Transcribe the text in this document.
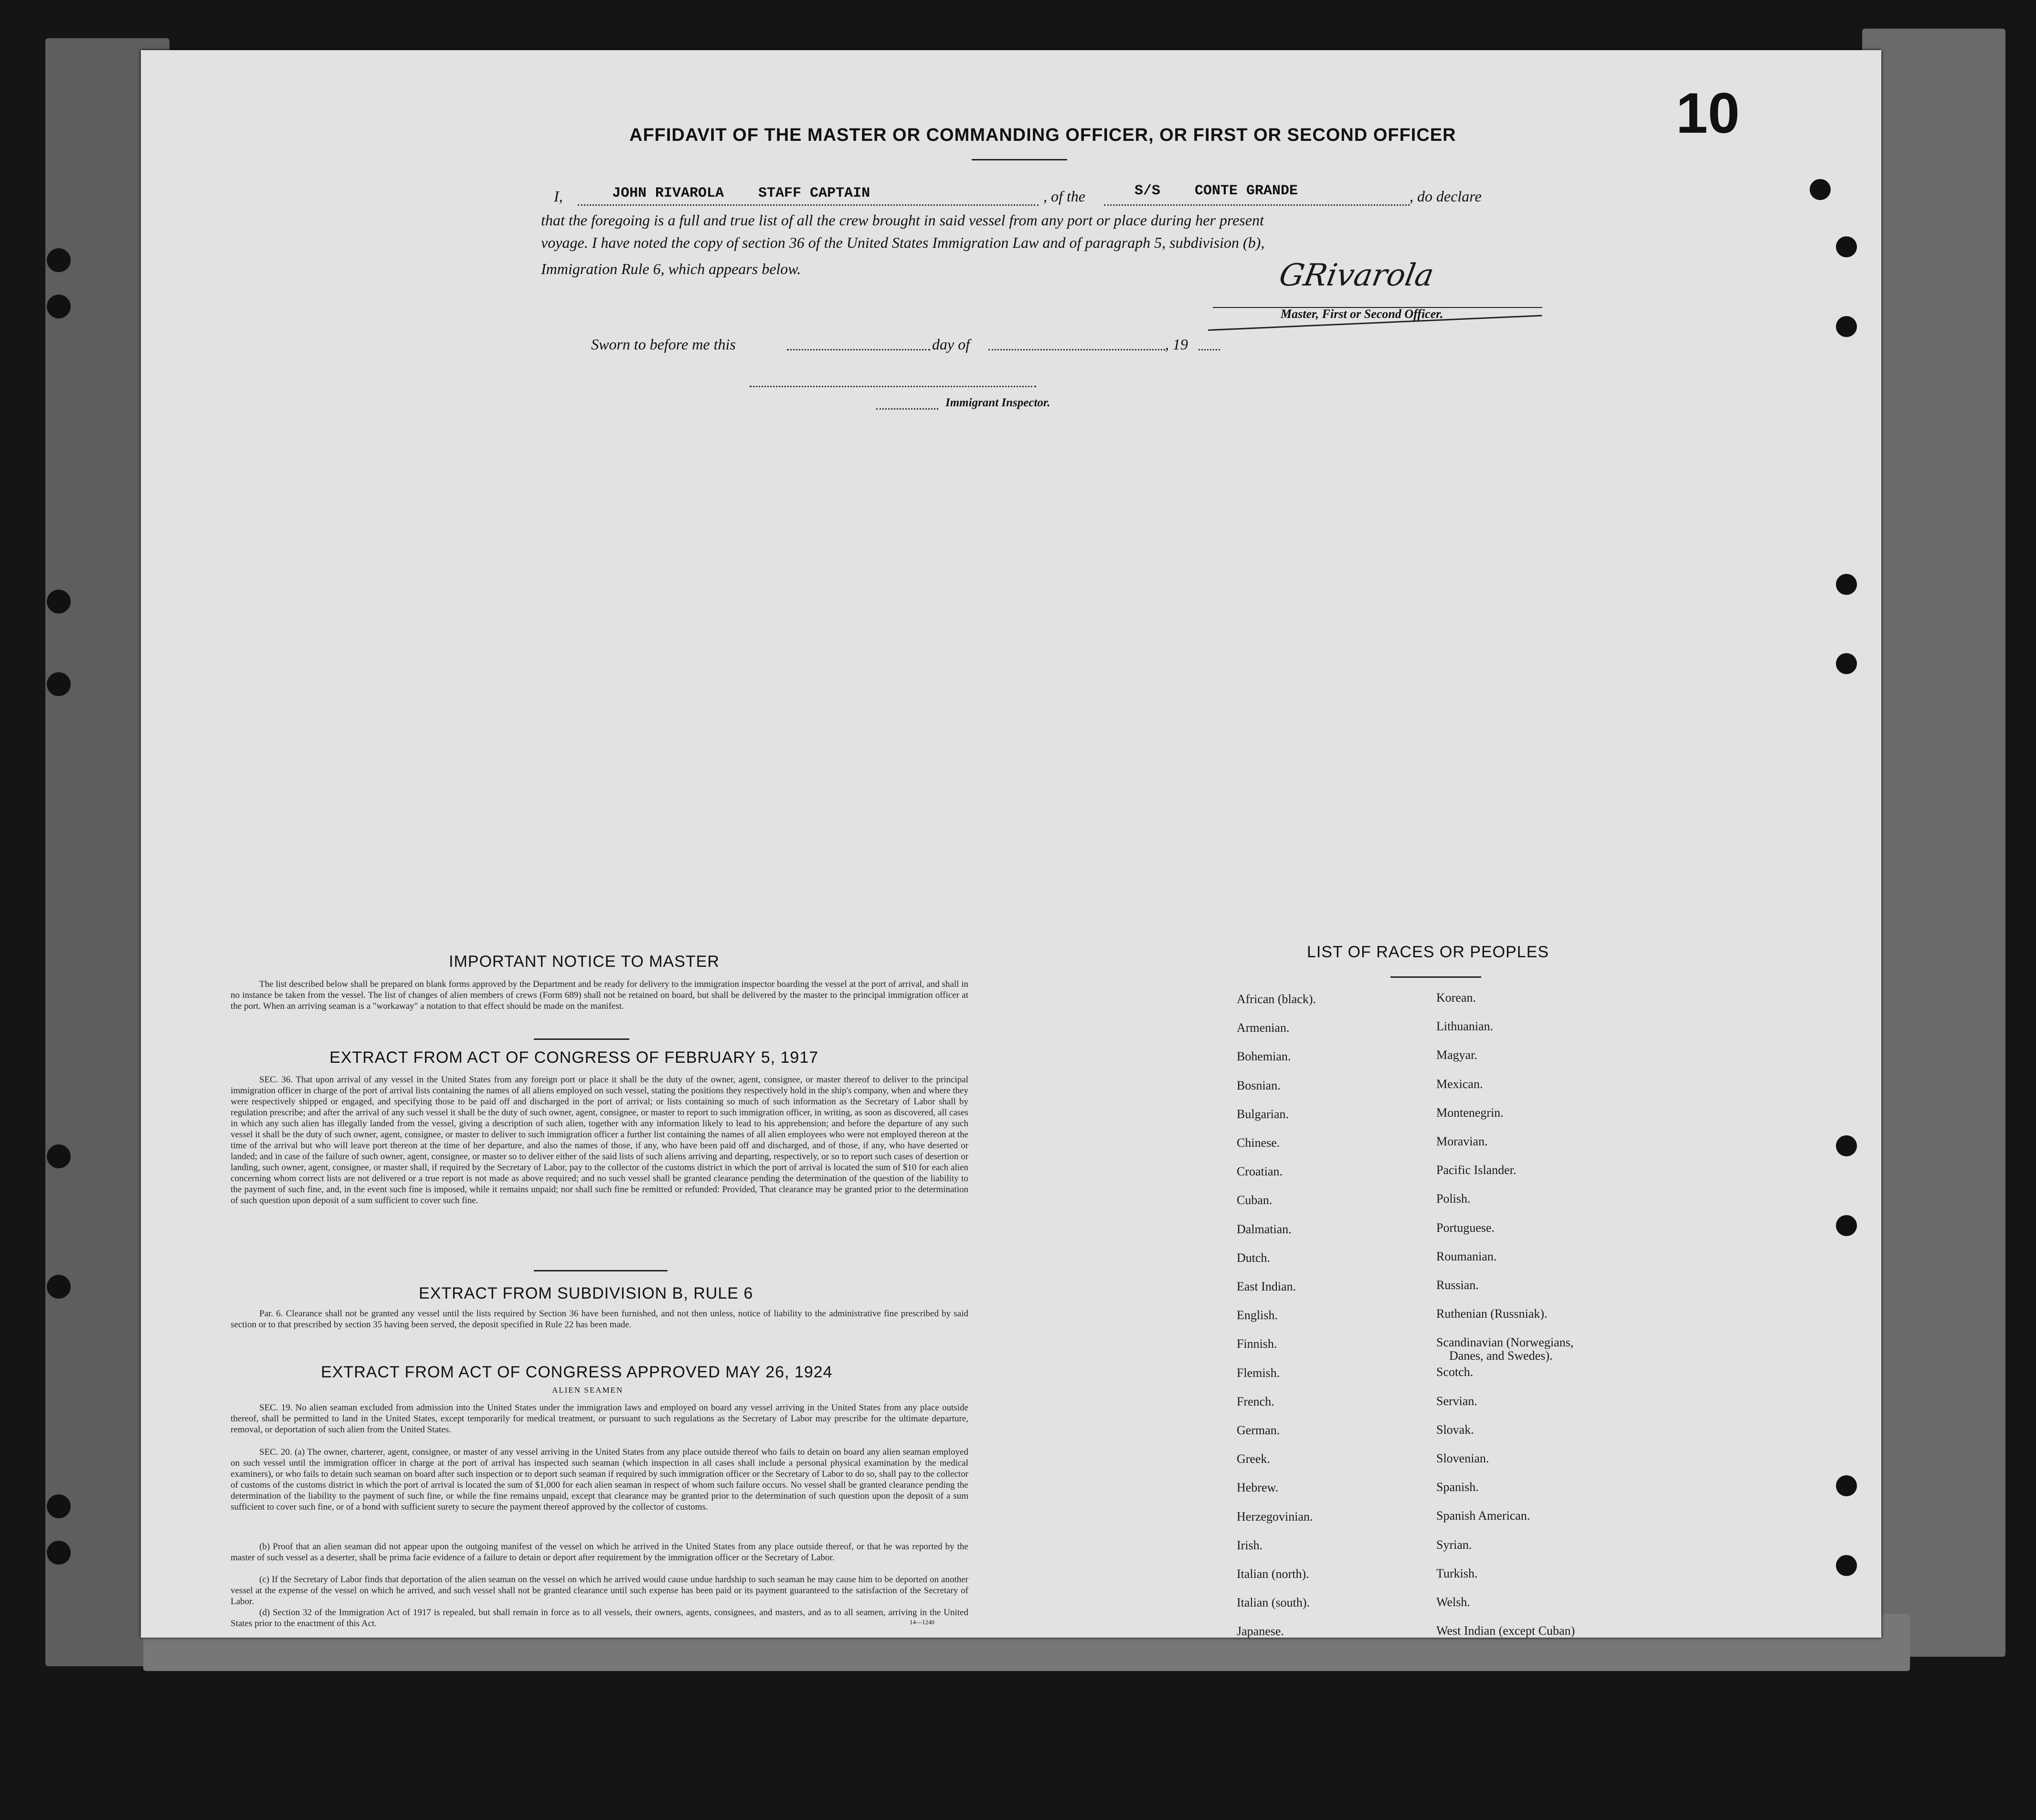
10
AFFIDAVIT OF THE MASTER OR COMMANDING OFFICER, OR FIRST OR SECOND OFFICER
I,	JOHN RIVAROLA    STAFF CAPTAIN	, of the	S/S    CONTE GRANDE	, do declare
that the foregoing is a full and true list of all the crew brought in said vessel from any port or place during her present
voyage. I have noted the copy of section 36 of the United States Immigration Law and of paragraph 5, subdivision (b),
Immigration Rule 6, which appears below.	GRivarola
Master, First or Second Officer.
Sworn to before me this	day of	, 19
Immigrant Inspector.
IMPORTANT NOTICE TO MASTER
The list described below shall be prepared on blank forms approved by the Department and be ready for delivery to the immigration inspector boarding the vessel at the port of arrival, and shall in no instance be taken from the vessel. The list of changes of alien members of crews (Form 689) shall not be retained on board, but shall be delivered by the master to the principal immigration officer at the port. When an arriving seaman is a "workaway" a notation to that effect should be made on the manifest.
EXTRACT FROM ACT OF CONGRESS OF FEBRUARY 5, 1917
SEC. 36. That upon arrival of any vessel in the United States from any foreign port or place it shall be the duty of the owner, agent, consignee, or master thereof to deliver to the principal immigration officer in charge of the port of arrival lists containing the names of all aliens employed on such vessel, stating the positions they respectively hold in the ship's company, when and where they were respectively shipped or engaged, and specifying those to be paid off and discharged in the port of arrival; or lists containing so much of such information as the Secretary of Labor shall by regulation prescribe; and after the arrival of any such vessel it shall be the duty of such owner, agent, consignee, or master to report to such immigration officer, in writing, as soon as discovered, all cases in which any such alien has illegally landed from the vessel, giving a description of such alien, together with any information likely to lead to his apprehension; and before the departure of any such vessel it shall be the duty of such owner, agent, consignee, or master to deliver to such immigration officer a further list containing the names of all alien employees who were not employed thereon at the time of the arrival but who will leave port thereon at the time of her departure, and also the names of those, if any, who have been paid off and discharged, and of those, if any, who have deserted or landed; and in case of the failure of such owner, agent, consignee, or master so to deliver either of the said lists of such aliens arriving and departing, respectively, or so to report such cases of desertion or landing, such owner, agent, consignee, or master shall, if required by the Secretary of Labor, pay to the collector of the customs district in which the port of arrival is located the sum of $10 for each alien concerning whom correct lists are not delivered or a true report is not made as above required; and no such vessel shall be granted clearance pending the determination of the question of the liability to the payment of such fine, and, in the event such fine is imposed, while it remains unpaid; nor shall such fine be remitted or refunded: Provided, That clearance may be granted prior to the determination of such question upon deposit of a sum sufficient to cover such fine.
EXTRACT FROM SUBDIVISION B, RULE 6
Par. 6. Clearance shall not be granted any vessel until the lists required by Section 36 have been furnished, and not then unless, notice of liability to the administrative fine prescribed by said section or to that prescribed by section 35 having been served, the deposit specified in Rule 22 has been made.
EXTRACT FROM ACT OF CONGRESS APPROVED MAY 26, 1924
ALIEN SEAMEN
SEC. 19. No alien seaman excluded from admission into the United States under the immigration laws and employed on board any vessel arriving in the United States from any place outside thereof, shall be permitted to land in the United States, except temporarily for medical treatment, or pursuant to such regulations as the Secretary of Labor may prescribe for the ultimate departure, removal, or deportation of such alien from the United States.
SEC. 20. (a) The owner, charterer, agent, consignee, or master of any vessel arriving in the United States from any place outside thereof who fails to detain on board any alien seaman employed on such vessel until the immigration officer in charge at the port of arrival has inspected such seaman (which inspection in all cases shall include a personal physical examination by the medical examiners), or who fails to detain such seaman on board after such inspection or to deport such seaman if required by such immigration officer or the Secretary of Labor to do so, shall pay to the collector of customs of the customs district in which the port of arrival is located the sum of $1,000 for each alien seaman in respect of whom such failure occurs. No vessel shall be granted clearance pending the determination of the liability to the payment of such fine, or while the fine remains unpaid, except that clearance may be granted prior to the determination of such question upon the deposit of a sum sufficient to cover such fine, or of a bond with sufficient surety to secure the payment thereof approved by the collector of customs.
(b) Proof that an alien seaman did not appear upon the outgoing manifest of the vessel on which he arrived in the United States from any place outside thereof, or that he was reported by the master of such vessel as a deserter, shall be prima facie evidence of a failure to detain or deport after requirement by the immigration officer or the Secretary of Labor.
(c) If the Secretary of Labor finds that deportation of the alien seaman on the vessel on which he arrived would cause undue hardship to such seaman he may cause him to be deported on another vessel at the expense of the vessel on which he arrived, and such vessel shall not be granted clearance until such expense has been paid or its payment guaranteed to the satisfaction of the Secretary of Labor.
(d) Section 32 of the Immigration Act of 1917 is repealed, but shall remain in force as to all vessels, their owners, agents, consignees, and masters, and as to all seamen, arriving in the United States prior to the enactment of this Act.	14—1240
LIST OF RACES OR PEOPLES
African (black).
Armenian.
Bohemian.
Bosnian.
Bulgarian.
Chinese.
Croatian.
Cuban.
Dalmatian.
Dutch.
East Indian.
English.
Finnish.
Flemish.
French.
German.
Greek.
Hebrew.
Herzegovinian.
Irish.
Italian (north).
Italian (south).
Japanese.
Korean.
Lithuanian.
Magyar.
Mexican.
Montenegrin.
Moravian.
Pacific Islander.
Polish.
Portuguese.
Roumanian.
Russian.
Ruthenian (Russniak).
Scandinavian (Norwegians,
Danes, and Swedes).
Scotch.
Servian.
Slovak.
Slovenian.
Spanish.
Spanish American.
Syrian.
Turkish.
Welsh.
West Indian (except Cuban)
